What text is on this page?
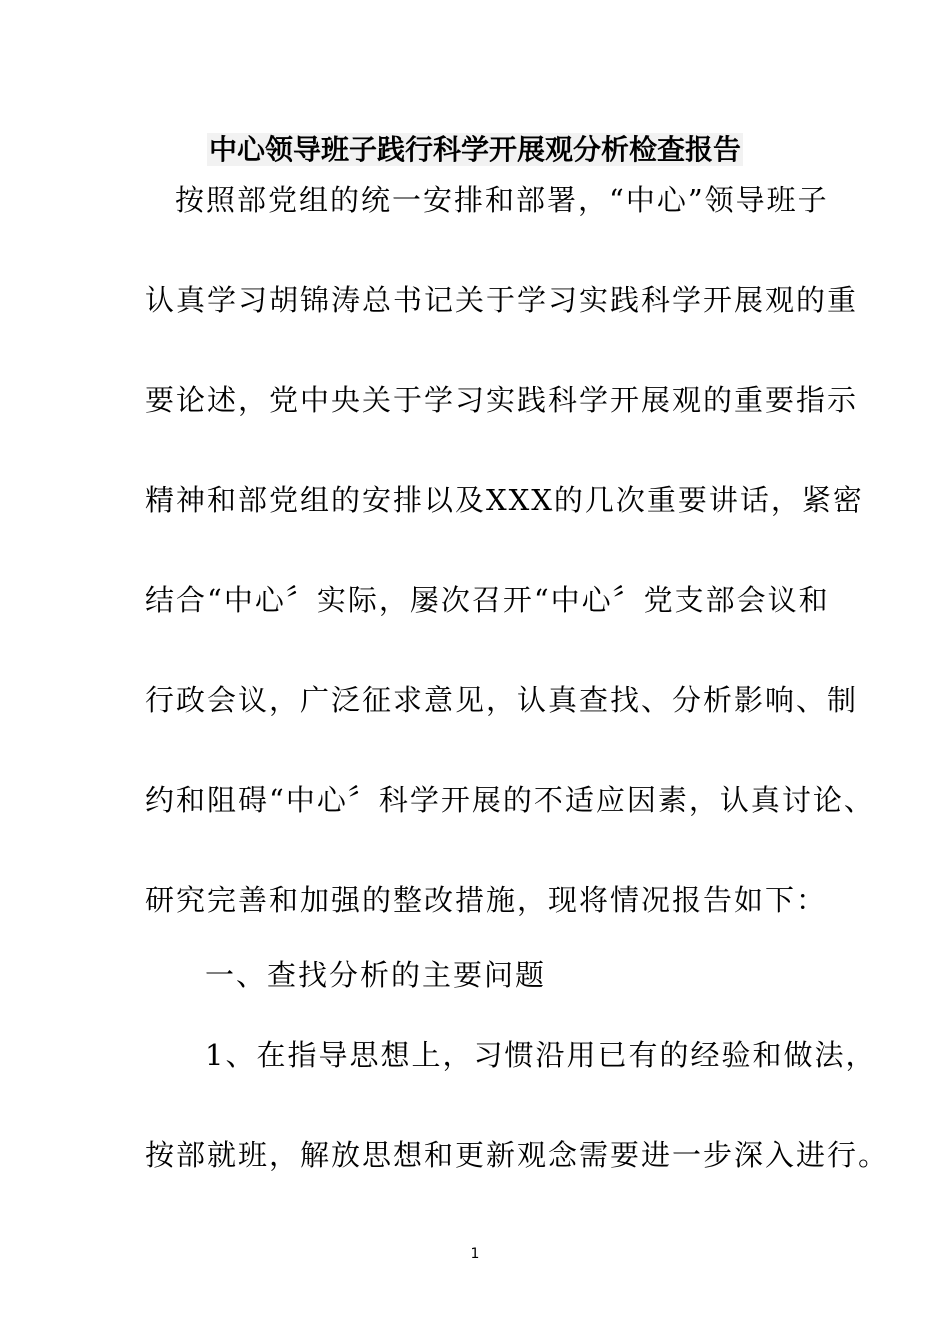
中心领导班子践行科学开展观分析检查报告
按照部党组的统一安排和部署，“中心”领导班子
认真学习胡锦涛总书记关于学习实践科学开展观的重
要论述，党中央关于学习实践科学开展观的重要指示
精神和部党组的安排以及XXX的几次重要讲话，紧密
结合“中心〞实际，屡次召开“中心〞党支部会议和
行政会议，广泛征求意见，认真查找、分析影响、制
约和阻碍“中心〞科学开展的不适应因素，认真讨论、
研究完善和加强的整改措施，现将情况报告如下：
一、查找分析的主要问题
1、在指导思想上，习惯沿用已有的经验和做法，
按部就班，解放思想和更新观念需要进一步深入进行。
1
